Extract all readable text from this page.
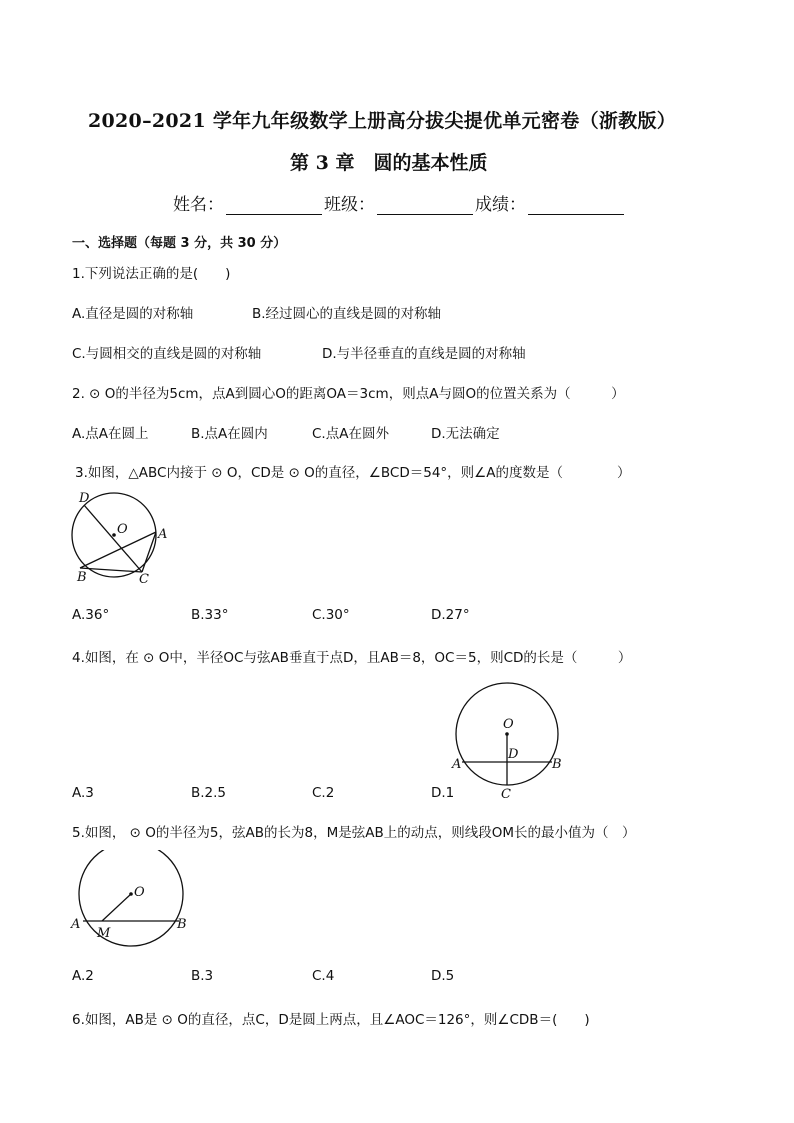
2020–2021 学年九年级数学上册高分拔尖提优单元密卷（浙教版）
第 3 章　圆的基本性质
姓名：	班级：	成绩：
一、选择题（每题 3 分，共 30 分）
1.下列说法正确的是(　　)
A.直径是圆的对称轴	B.经过圆心的直线是圆的对称轴
C.与圆相交的直线是圆的对称轴	D.与半径垂直的直线是圆的对称轴
2. ⊙ O的半径为5cm，点A到圆心O的距离OA＝3cm，则点A与圆O的位置关系为（　　　）
A.点A在圆上	B.点A在圆内	C.点A在圆外	D.无法确定
3.如图，△ABC内接于 ⊙ O，CD是 ⊙ O的直径，∠BCD＝54°，则∠A的度数是（　　　　）
D
O A
B	C
A.36°	B.33°	C.30°	D.27°
4.如图，在 ⊙ O中，半径OC与弦AB垂直于点D，且AB＝8，OC＝5，则CD的长是（　　　）
O
D
A	B
C
A.3	B.2.5	C.2	D.1
5.如图， ⊙ O的半径为5，弦AB的长为8，M是弦AB上的动点，则线段OM长的最小值为（　）
O
A
M
B
A.2	B.3	C.4	D.5
6.如图，AB是 ⊙ O的直径，点C，D是圆上两点，且∠AOC＝126°，则∠CDB＝(　　)
